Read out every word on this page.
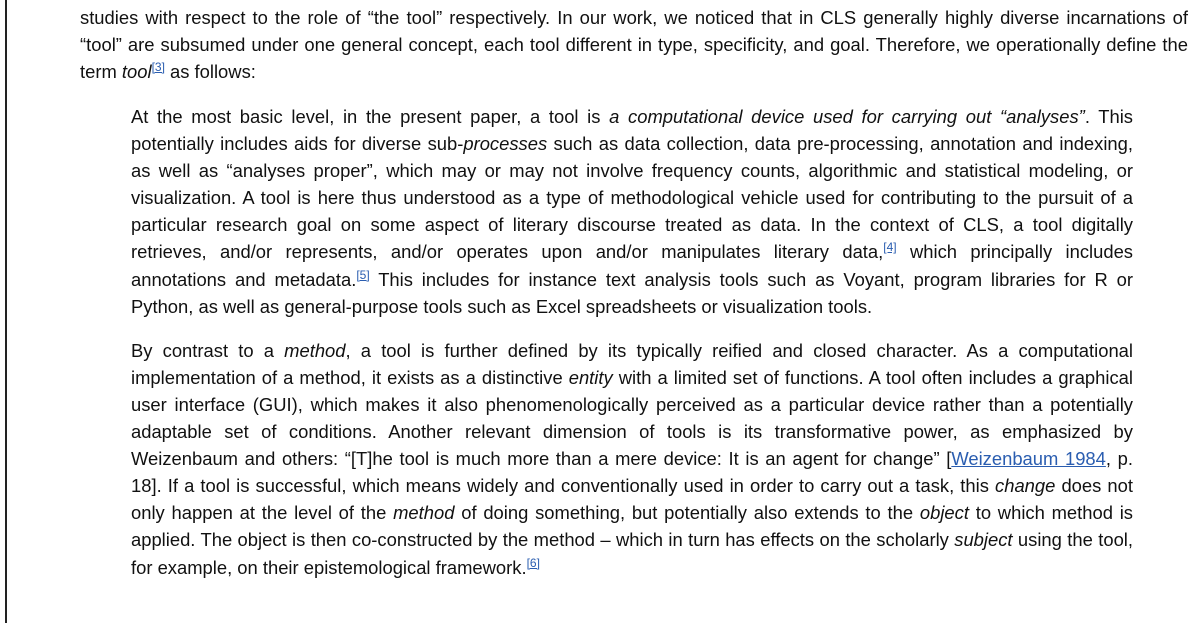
studies with respect to the role of “the tool” respectively. In our work, we noticed that in CLS generally highly diverse incarnations of “tool” are subsumed under one general concept, each tool different in type, specificity, and goal. Therefore, we operationally define the term tool[3] as follows:

At the most basic level, in the present paper, a tool is a computational device used for carrying out “analyses”. This potentially includes aids for diverse sub-processes such as data collection, data pre-processing, annotation and indexing, as well as “analyses proper”, which may or may not involve frequency counts, algorithmic and statistical modeling, or visualization. A tool is here thus understood as a type of methodological vehicle used for contributing to the pursuit of a particular research goal on some aspect of literary discourse treated as data. In the context of CLS, a tool digitally retrieves, and/or represents, and/or operates upon and/or manipulates literary data,[4] which principally includes annotations and metadata.[5] This includes for instance text analysis tools such as Voyant, program libraries for R or Python, as well as general-purpose tools such as Excel spreadsheets or visualization tools.

By contrast to a method, a tool is further defined by its typically reified and closed character. As a computational implementation of a method, it exists as a distinctive entity with a limited set of functions. A tool often includes a graphical user interface (GUI), which makes it also phenomenologically perceived as a particular device rather than a potentially adaptable set of conditions. Another relevant dimension of tools is its transformative power, as emphasized by Weizenbaum and others: “[T]he tool is much more than a mere device: It is an agent for change” [Weizenbaum 1984, p. 18]. If a tool is successful, which means widely and conventionally used in order to carry out a task, this change does not only happen at the level of the method of doing something, but potentially also extends to the object to which method is applied. The object is then co-constructed by the method – which in turn has effects on the scholarly subject using the tool, for example, on their epistemological framework.[6]
